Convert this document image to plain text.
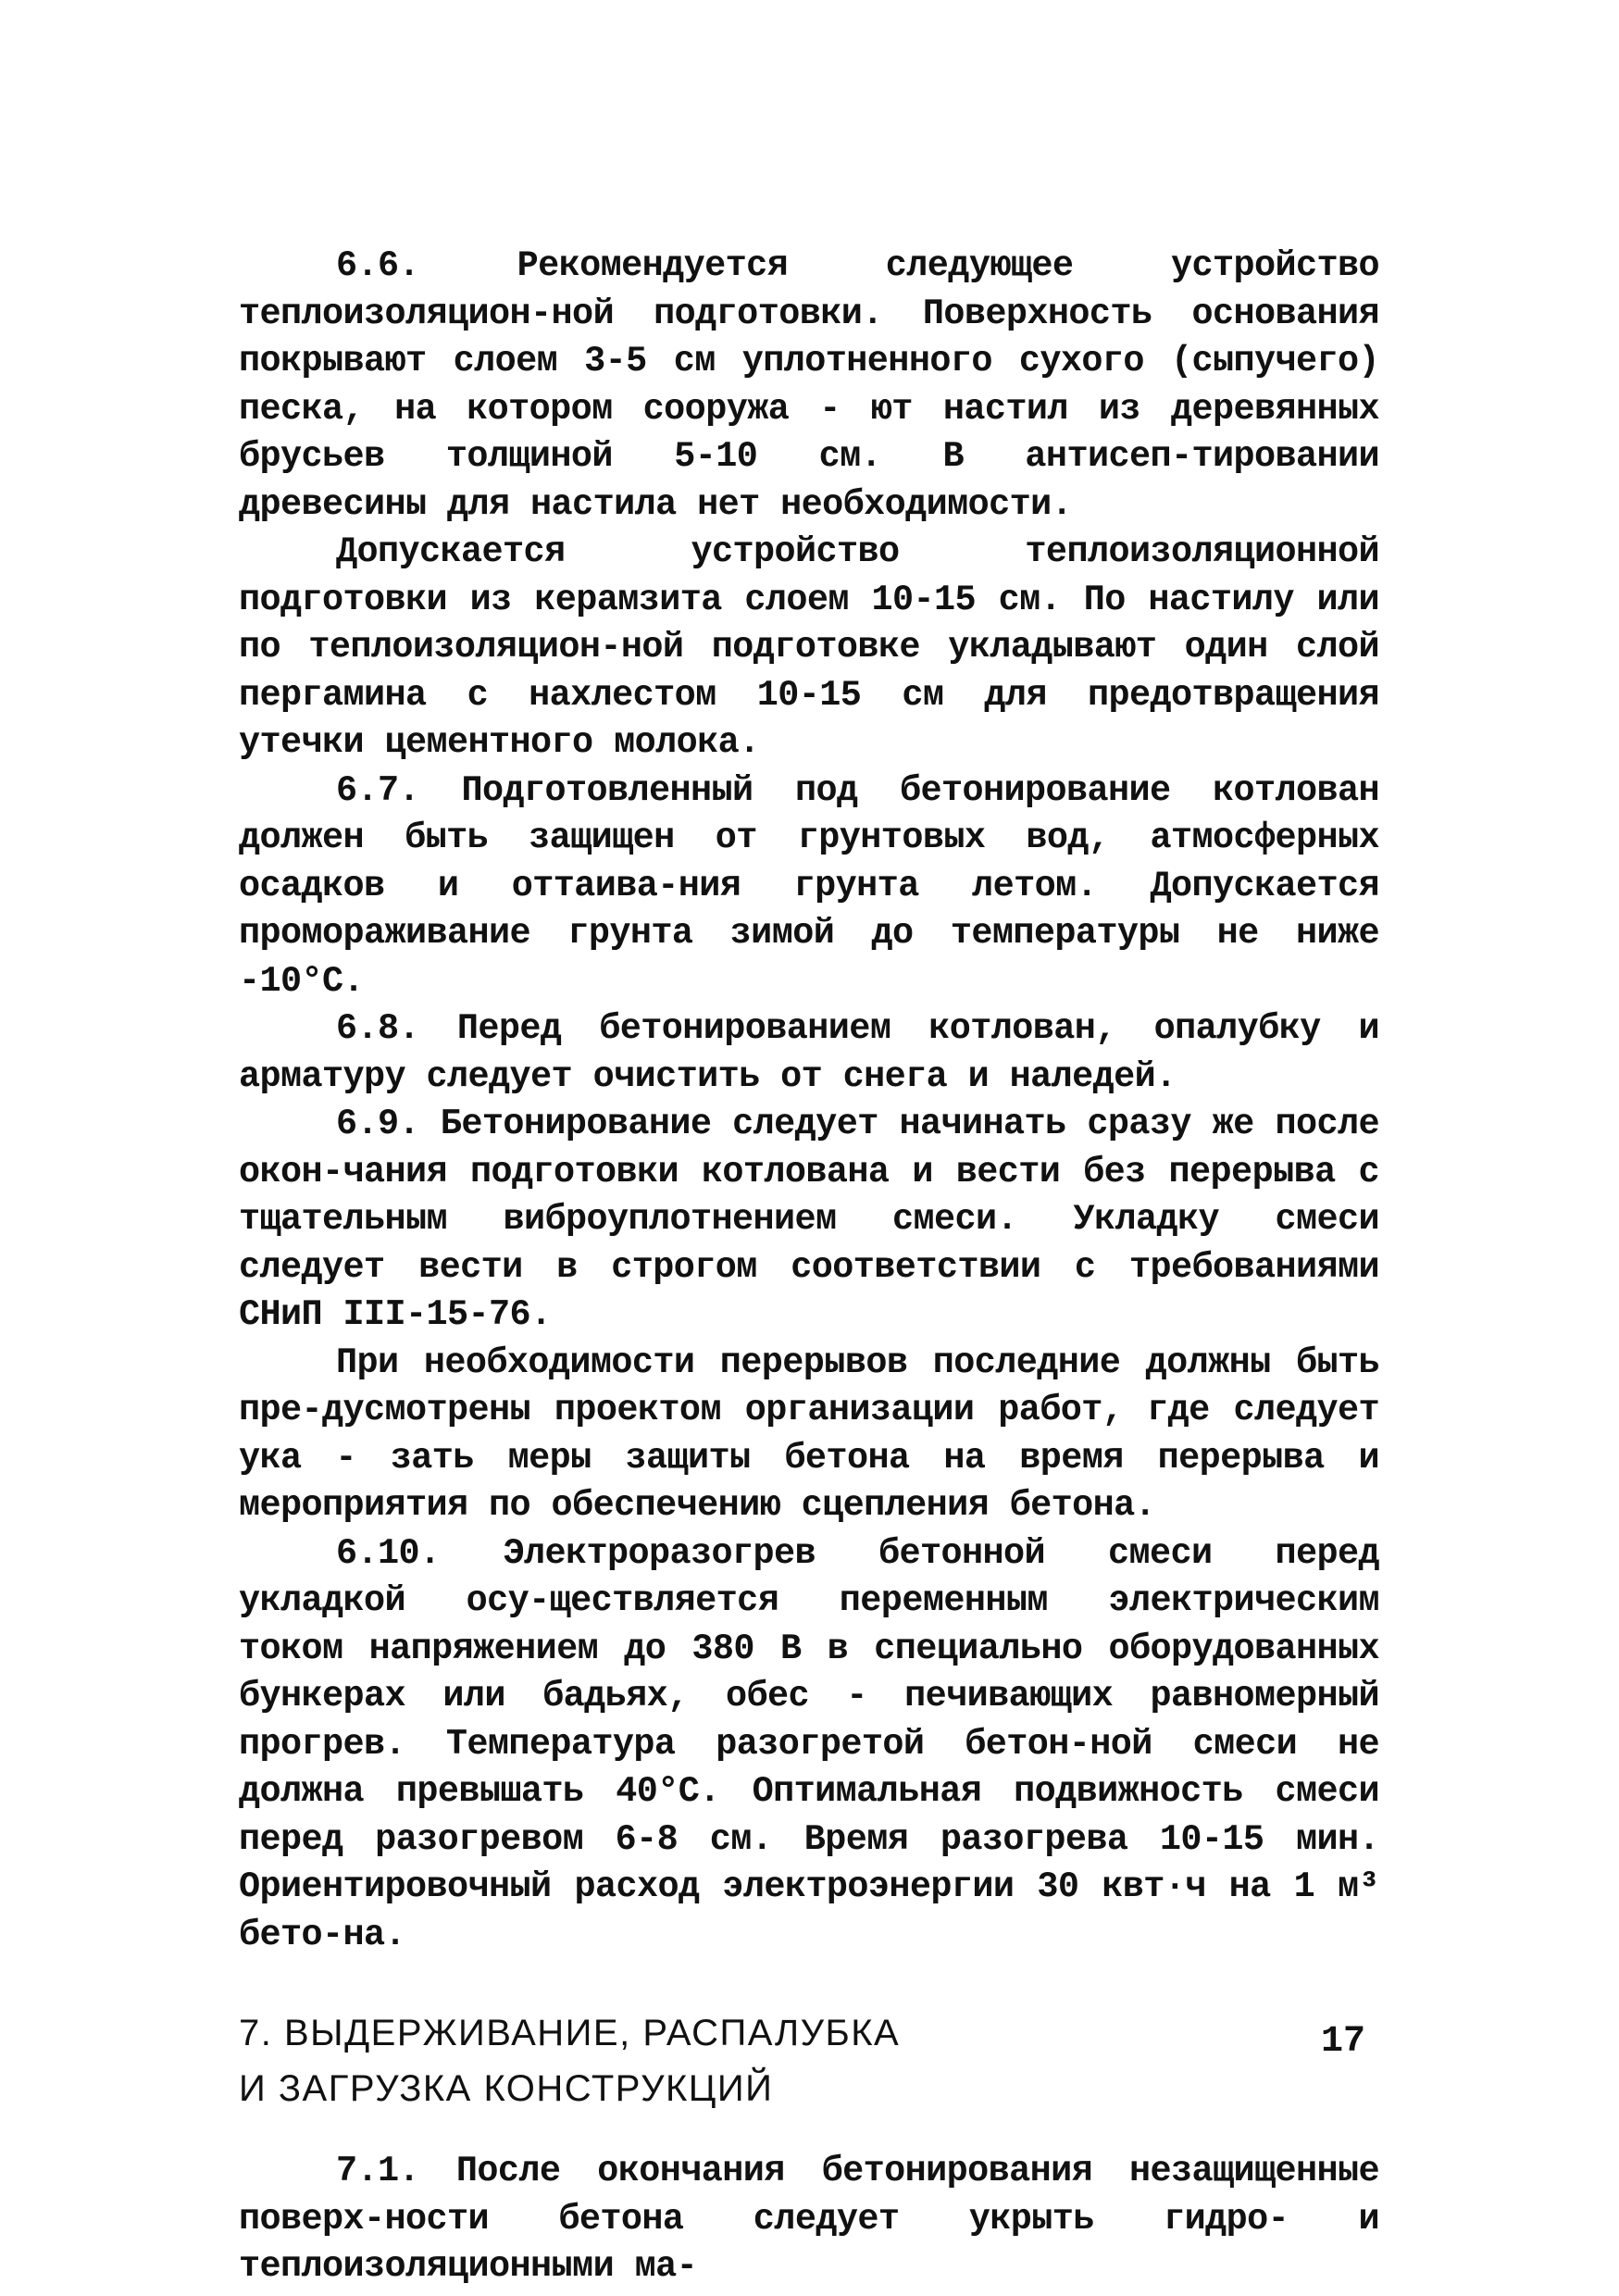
6.6. Рекомендуется следующее устройство теплоизоляцион-ной подготовки. Поверхность основания покрывают слоем 3-5 см уплотненного сухого (сыпучего) песка, на котором сооружа - ют настил из деревянных брусьев толщиной 5-10 см. В антисеп-тировании древесины для настила нет необходимости.

Допускается устройство теплоизоляционной подготовки из керамзита слоем 10-15 см. По настилу или по теплоизоляцион-ной подготовке укладывают один слой пергамина с нахлестом 10-15 см для предотвращения утечки цементного молока.

6.7. Подготовленный под бетонирование котлован должен быть защищен от грунтовых вод, атмосферных осадков и оттаива-ния грунта летом. Допускается промораживание грунта зимой до температуры не ниже -10°С.

6.8. Перед бетонированием котлован, опалубку и арматуру следует очистить от снега и наледей.

6.9. Бетонирование следует начинать сразу же после окон-чания подготовки котлована и вести без перерыва с тщательным виброуплотнением смеси. Укладку смеси следует вести в строгом соответствии с требованиями СНиП III-15-76.

При необходимости перерывов последние должны быть пре-дусмотрены проектом организации работ, где следует ука - зать меры защиты бетона на время перерыва и мероприятия по обеспечению сцепления бетона.

6.10. Электроразогрев бетонной смеси перед укладкой осу-ществляется переменным электрическим током напряжением до 380 В в специально оборудованных бункерах или бадьях, обес - печивающих равномерный прогрев. Температура разогретой бетон-ной смеси не должна превышать 40°С. Оптимальная подвижность смеси перед разогревом 6-8 см. Время разогрева 10-15 мин. Ориентировочный расход электроэнергии 30 квт·ч на 1 м³ бето-на.

7. ВЫДЕРЖИВАНИЕ, РАСПАЛУБКА
И ЗАГРУЗКА КОНСТРУКЦИЙ

7.1. После окончания бетонирования незащищенные поверх-ности бетона следует укрыть гидро- и теплоизоляционными ма-

17
